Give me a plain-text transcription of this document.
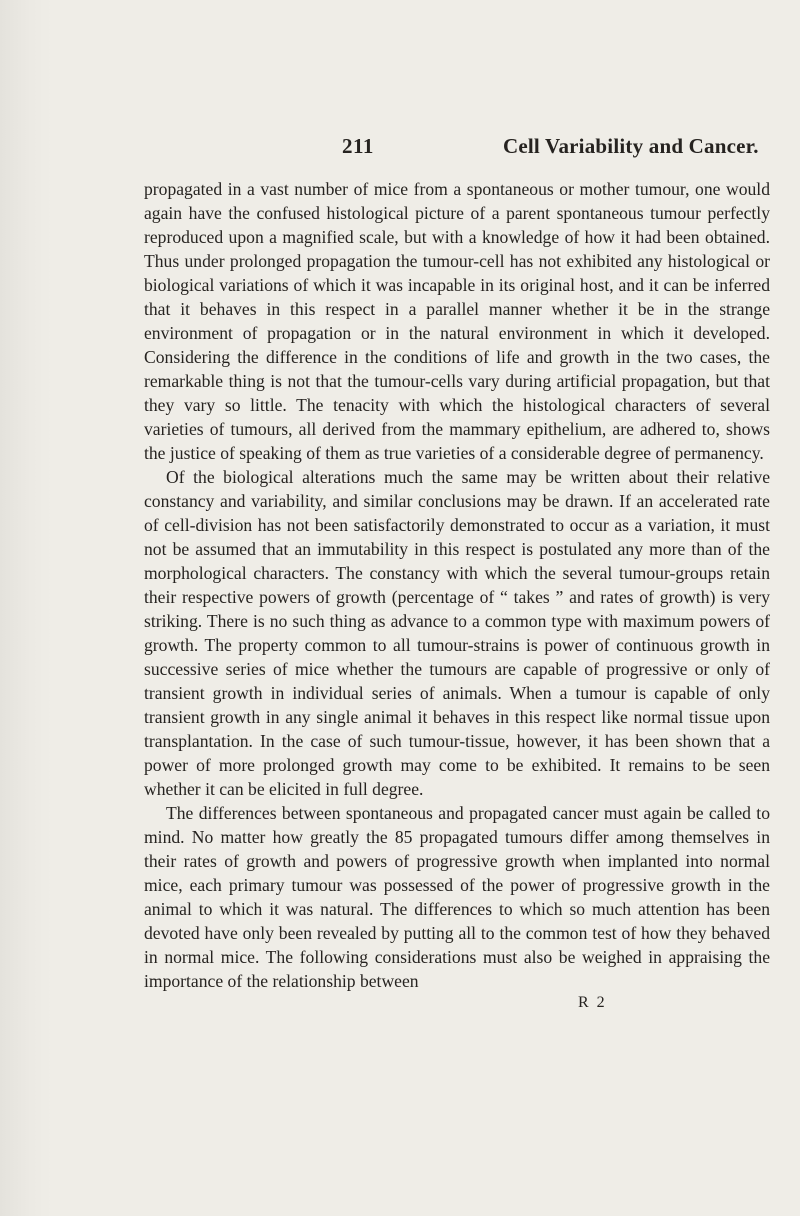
211	Cell Variability and Cancer.

propagated in a vast number of mice from a spontaneous or mother tumour, one would again have the confused histological picture of a parent spontaneous tumour perfectly reproduced upon a magnified scale, but with a knowledge of how it had been obtained. Thus under prolonged propagation the tumour-cell has not exhibited any histological or biological variations of which it was incapable in its original host, and it can be inferred that it behaves in this respect in a parallel manner whether it be in the strange environment of propagation or in the natural environment in which it developed. Considering the difference in the conditions of life and growth in the two cases, the remarkable thing is not that the tumour-cells vary during artificial propagation, but that they vary so little. The tenacity with which the histological characters of several varieties of tumours, all derived from the mammary epithelium, are adhered to, shows the justice of speaking of them as true varieties of a considerable degree of permanency.

Of the biological alterations much the same may be written about their relative constancy and variability, and similar conclusions may be drawn. If an accelerated rate of cell-division has not been satisfactorily demonstrated to occur as a variation, it must not be assumed that an immutability in this respect is postulated any more than of the morphological characters. The constancy with which the several tumour-groups retain their respective powers of growth (percentage of “ takes ” and rates of growth) is very striking. There is no such thing as advance to a common type with maximum powers of growth. The property common to all tumour-strains is power of continuous growth in successive series of mice whether the tumours are capable of progressive or only of transient growth in individual series of animals. When a tumour is capable of only transient growth in any single animal it behaves in this respect like normal tissue upon transplantation. In the case of such tumour-tissue, however, it has been shown that a power of more prolonged growth may come to be exhibited. It remains to be seen whether it can be elicited in full degree.

The differences between spontaneous and propagated cancer must again be called to mind. No matter how greatly the 85 propagated tumours differ among themselves in their rates of growth and powers of progressive growth when implanted into normal mice, each primary tumour was possessed of the power of progressive growth in the animal to which it was natural. The differences to which so much attention has been devoted have only been revealed by putting all to the common test of how they behaved in normal mice. The following considerations must also be weighed in appraising the importance of the relationship between

R 2
